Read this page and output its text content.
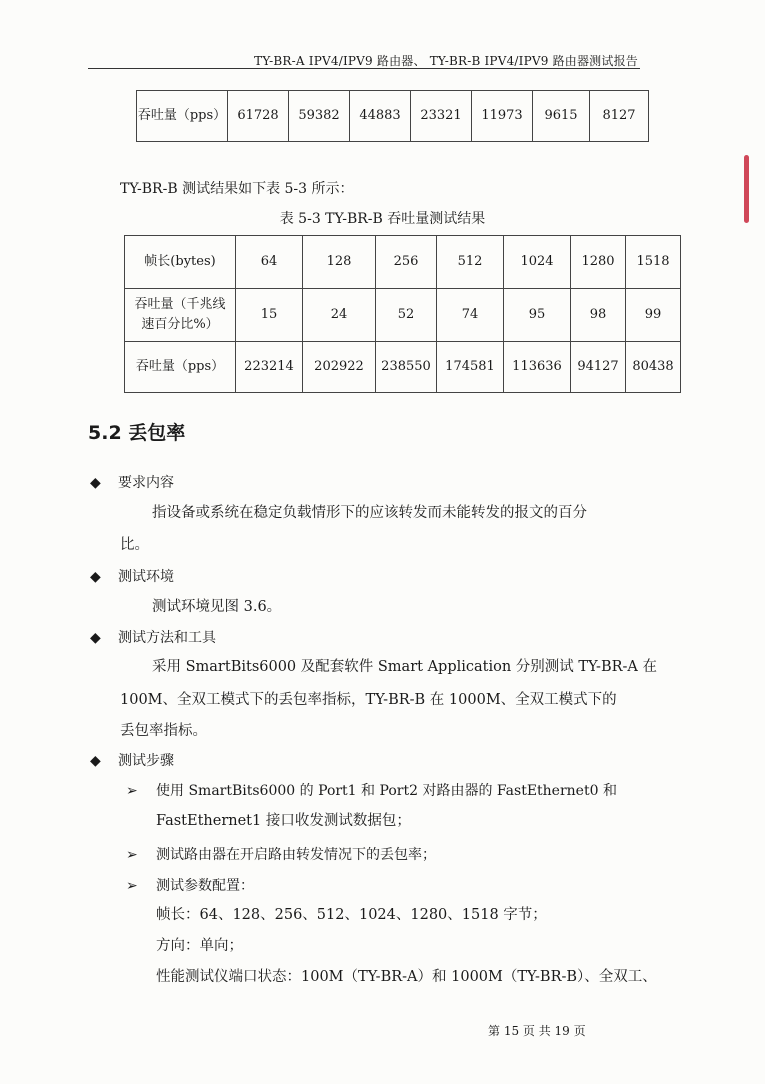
TY-BR-A IPV4/IPV9 路由器、 TY-BR-B IPV4/IPV9 路由器测试报告
吞吐量（pps）	61728	59382	44883	23321	11973	9615	8127
TY-BR-B 测试结果如下表 5-3 所示：
表 5-3 TY-BR-B 吞吐量测试结果
帧长(bytes)	64	128	256	512	1024	1280	1518
吞吐量（千兆线
速百分比%）	15	24	52	74	95	98	99
吞吐量（pps）	223214	202922	238550	174581	113636	94127	80438
5.2 丢包率
◆ 要求内容
指设备或系统在稳定负载情形下的应该转发而未能转发的报文的百分
比。
◆ 测试环境
测试环境见图 3.6。
◆ 测试方法和工具
采用 SmartBits6000 及配套软件 Smart Application 分别测试 TY-BR-A 在
100M、全双工模式下的丢包率指标，TY-BR-B 在 1000M、全双工模式下的
丢包率指标。
◆ 测试步骤
➢ 使用 SmartBits6000 的 Port1 和 Port2 对路由器的 FastEthernet0 和
FastEthernet1 接口收发测试数据包；
➢ 测试路由器在开启路由转发情况下的丢包率；
➢ 测试参数配置：
帧长：64、128、256、512、1024、1280、1518 字节；
方向：单向；
性能测试仪端口状态：100M（TY-BR-A）和 1000M（TY-BR-B）、全双工、
第 15 页 共 19 页
